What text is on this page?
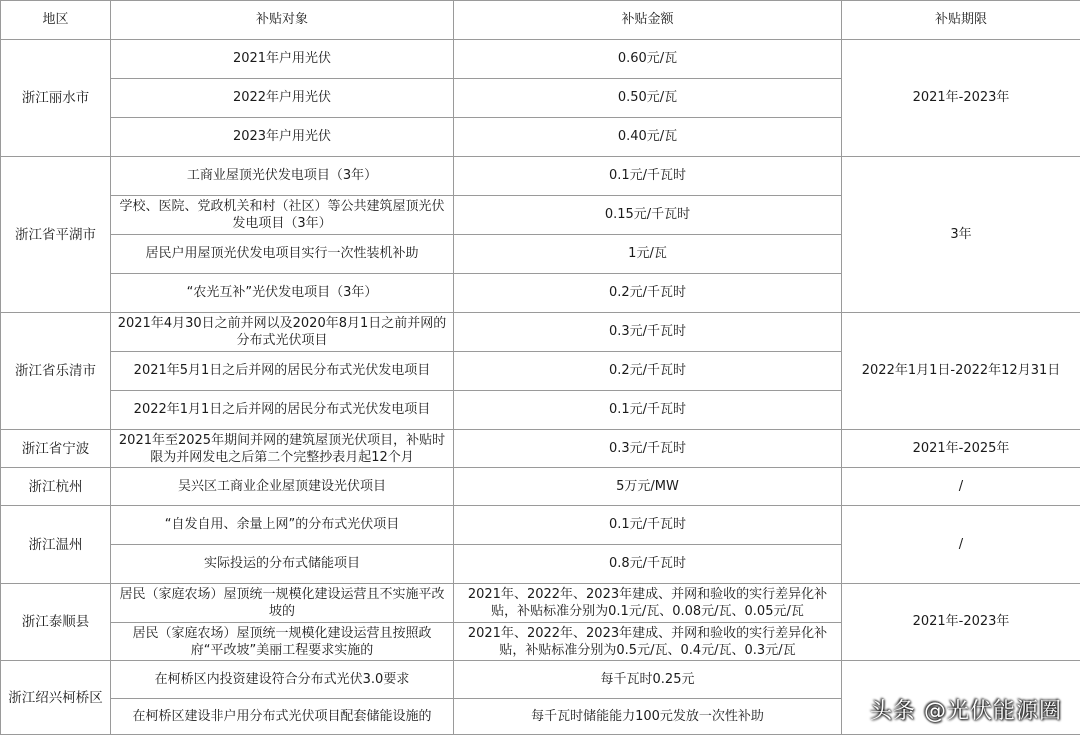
地区	补贴对象	补贴金额	补贴期限
浙江丽水市	2021年户用光伏	0.60元/瓦	2021年-2023年
	2022年户用光伏	0.50元/瓦	
	2023年户用光伏	0.40元/瓦	
浙江省平湖市	工商业屋顶光伏发电项目（3年）	0.1元/千瓦时	3年
	学校、医院、党政机关和村（社区）等公共建筑屋顶光伏发电项目（3年）	0.15元/千瓦时	
	居民户用屋顶光伏发电项目实行一次性装机补助	1元/瓦	
	“农光互补”光伏发电项目（3年）	0.2元/千瓦时	
浙江省乐清市	2021年4月30日之前并网以及2020年8月1日之前并网的分布式光伏项目	0.3元/千瓦时	2022年1月1日-2022年12月31日
	2021年5月1日之后并网的居民分布式光伏发电项目	0.2元/千瓦时	
	2022年1月1日之后并网的居民分布式光伏发电项目	0.1元/千瓦时	
浙江省宁波	2021年至2025年期间并网的建筑屋顶光伏项目，补贴时限为并网发电之后第二个完整抄表月起12个月	0.3元/千瓦时	2021年-2025年
浙江杭州	吴兴区工商业企业屋顶建设光伏项目	5万元/MW	/
浙江温州	“自发自用、余量上网”的分布式光伏项目	0.1元/千瓦时	/
	实际投运的分布式储能项目	0.8元/千瓦时	
浙江泰顺县	居民（家庭农场）屋顶统一规模化建设运营且不实施平改坡的	2021年、2022年、2023年建成、并网和验收的实行差异化补贴，补贴标准分别为0.1元/瓦、0.08元/瓦、0.05元/瓦	2021年-2023年
	居民（家庭农场）屋顶统一规模化建设运营且按照政府“平改坡”美丽工程要求实施的	2021年、2022年、2023年建成、并网和验收的实行差异化补贴，补贴标准分别为0.5元/瓦、0.4元/瓦、0.3元/瓦	
浙江绍兴柯桥区	在柯桥区内投资建设符合分布式光伏3.0要求	每千瓦时0.25元	
	在柯桥区建设非户用分布式光伏项目配套储能设施的	每千瓦时储能能力100元发放一次性补助		头条 @光伏能源圈
